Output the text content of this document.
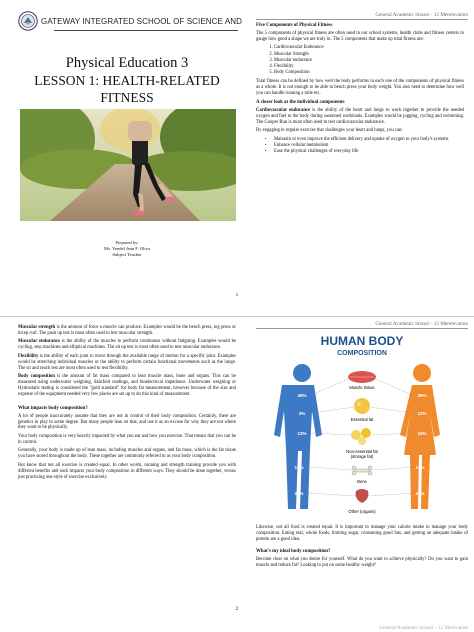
GATEWAY INTEGRATED SCHOOL OF SCIENCE AND
Physical Education 3
LESSON 1: HEALTH-RELATED FITNESS
Prepared by:
Ms. Vendel Jean F. Oliva
Subject Teacher
General Academic Strand – 12 Merelevation
Five Components of Physical Fitness

The 5 components of physical fitness are often used in our school systems, health clubs and fitness centers to gauge how good a shape we are truly in. The 5 components that make up total fitness are:

1. Cardiovascular Endurance
2. Muscular Strength
3. Muscular endurance
4. Flexibility
5. Body Composition

Total fitness can be defined by how well the body performs in each one of the components of physical fitness as a whole. It is not enough to be able to bench press your body weight. You also need to determine how well you can handle running a mile etc.

A closer look at the individual components

Cardiovascular endurance is the ability of the heart and lungs to work together to provide the needed oxygen and fuel to the body during sustained workloads. Examples would be jogging, cycling and swimming. The Cooper Run is most often used to test cardiovascular endurance.

By engaging in regular exercise that challenges your heart and lungs, you can:

• Maintain or even improve the efficient delivery and uptake of oxygen to your body's systems
• Enhance cellular metabolism
• Ease the physical challenges of everyday life
1
General Academic Strand – 12 Merelevation

Muscular strength is the amount of force a muscle can produce. Examples would be the bench press, leg press or bicep curl. The push up test is most often used to test muscular strength.

Muscular endurance is the ability of the muscles to perform continuous without fatiguing. Examples would be cycling, step machines and elliptical machines. The sit up test is most often used to test muscular endurance.

Flexibility is the ability of each joint to move through the available range of motion for a specific joint. Examples would be stretching individual muscles or the ability to perform certain functional movements such as the lunge. The sit and reach test are most often used to test flexibility.

Body composition is the amount of fat mass compared to lean muscle mass, bone and organs. This can be measured using underwater weighing, Skinfold readings, and bioelectrical impedance. Underwater weighing or Hydrostatic testing is considered the "gold standard" for body fat measurement, however because of the size and expense of the equipment needed very few places are set up to do this kind of measurement.

What impacts body composition?

A lot of people inaccurately assume that they are not in control of their body composition. Certainly, there are genetics in play to some degree. But many people lean on that, and use it as an excuse for why they are not where they want to be physically.

Your body composition is very heavily impacted by what you eat and how you exercise. That means that you can be in control.

Generally, your body is made up of lean mass, including muscles and organs, and fat mass, which is the fat tissue you have stored throughout the body. These together are commonly referred to as your body composition.

But know that not all exercise is created equal. In other words, running and strength training provide you with different benefits and each impacts your body composition in different ways. They should be done together, versus just practicing one style of exercise exclusively.

HUMAN BODY
COMPOSITION
Muscle tissue
Essential fat
Non-essential fat
(storage fat)
Bone
Other (organs)
45%
3%
12%
15%
25%
36%
12%
15%
12%
25%

Likewise, not all food is created equal. It is important to manage your calorie intake to manage your body composition. Eating real, whole foods, limiting sugar, consuming good fats, and getting an adequate intake of protein are a good idea.

What's my ideal body composition?

Become clear on what you desire for yourself. What do you want to achieve physically? Do you want to gain muscle and reduce fat? Looking to put on some healthy weight?

2
General Academic Strand – 12 Melevation
